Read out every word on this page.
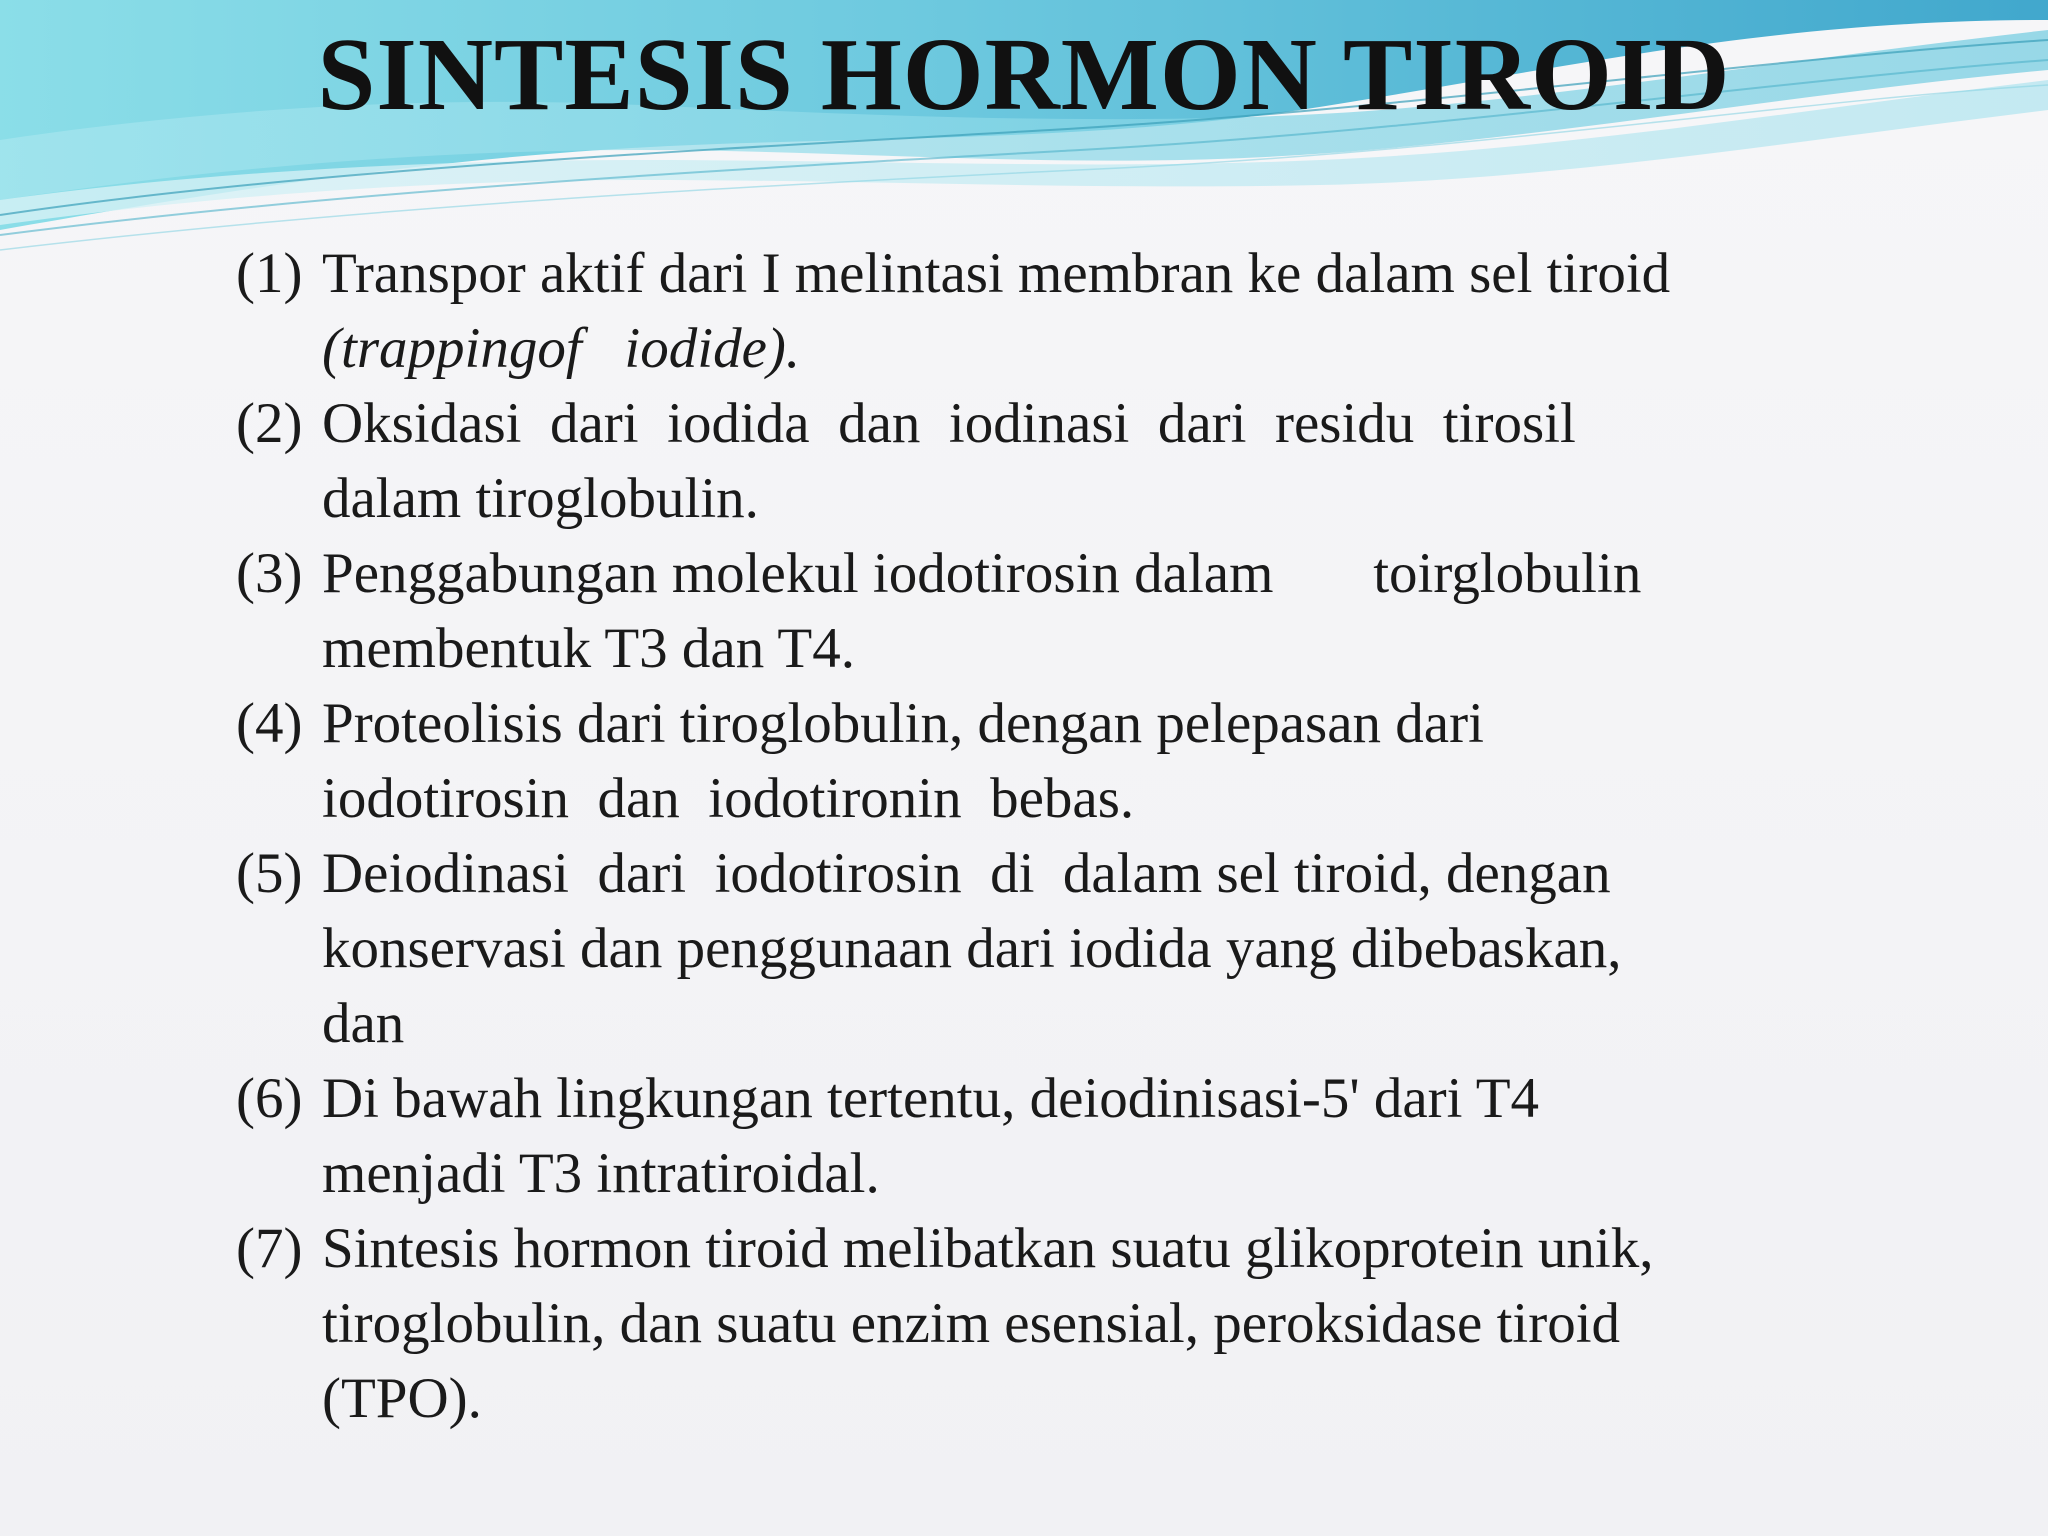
SINTESIS HORMON TIROID
(1) Transpor aktif dari I melintasi membran ke dalam sel tiroid
(trappingof   iodide).
(2) Oksidasi  dari  iodida  dan  iodinasi  dari  residu  tirosil
dalam tiroglobulin.
(3) Penggabungan molekul iodotirosin dalam       toirglobulin
membentuk T3 dan T4.
(4) Proteolisis dari tiroglobulin, dengan pelepasan dari
iodotirosin  dan  iodotironin  bebas.
(5) Deiodinasi  dari  iodotirosin  di  dalam sel tiroid, dengan
konservasi dan penggunaan dari iodida yang dibebaskan,
dan
(6) Di bawah lingkungan tertentu, deiodinisasi-5' dari T4
menjadi T3 intratiroidal.
(7) Sintesis hormon tiroid melibatkan suatu glikoprotein unik,
tiroglobulin, dan suatu enzim esensial, peroksidase tiroid
(TPO).
